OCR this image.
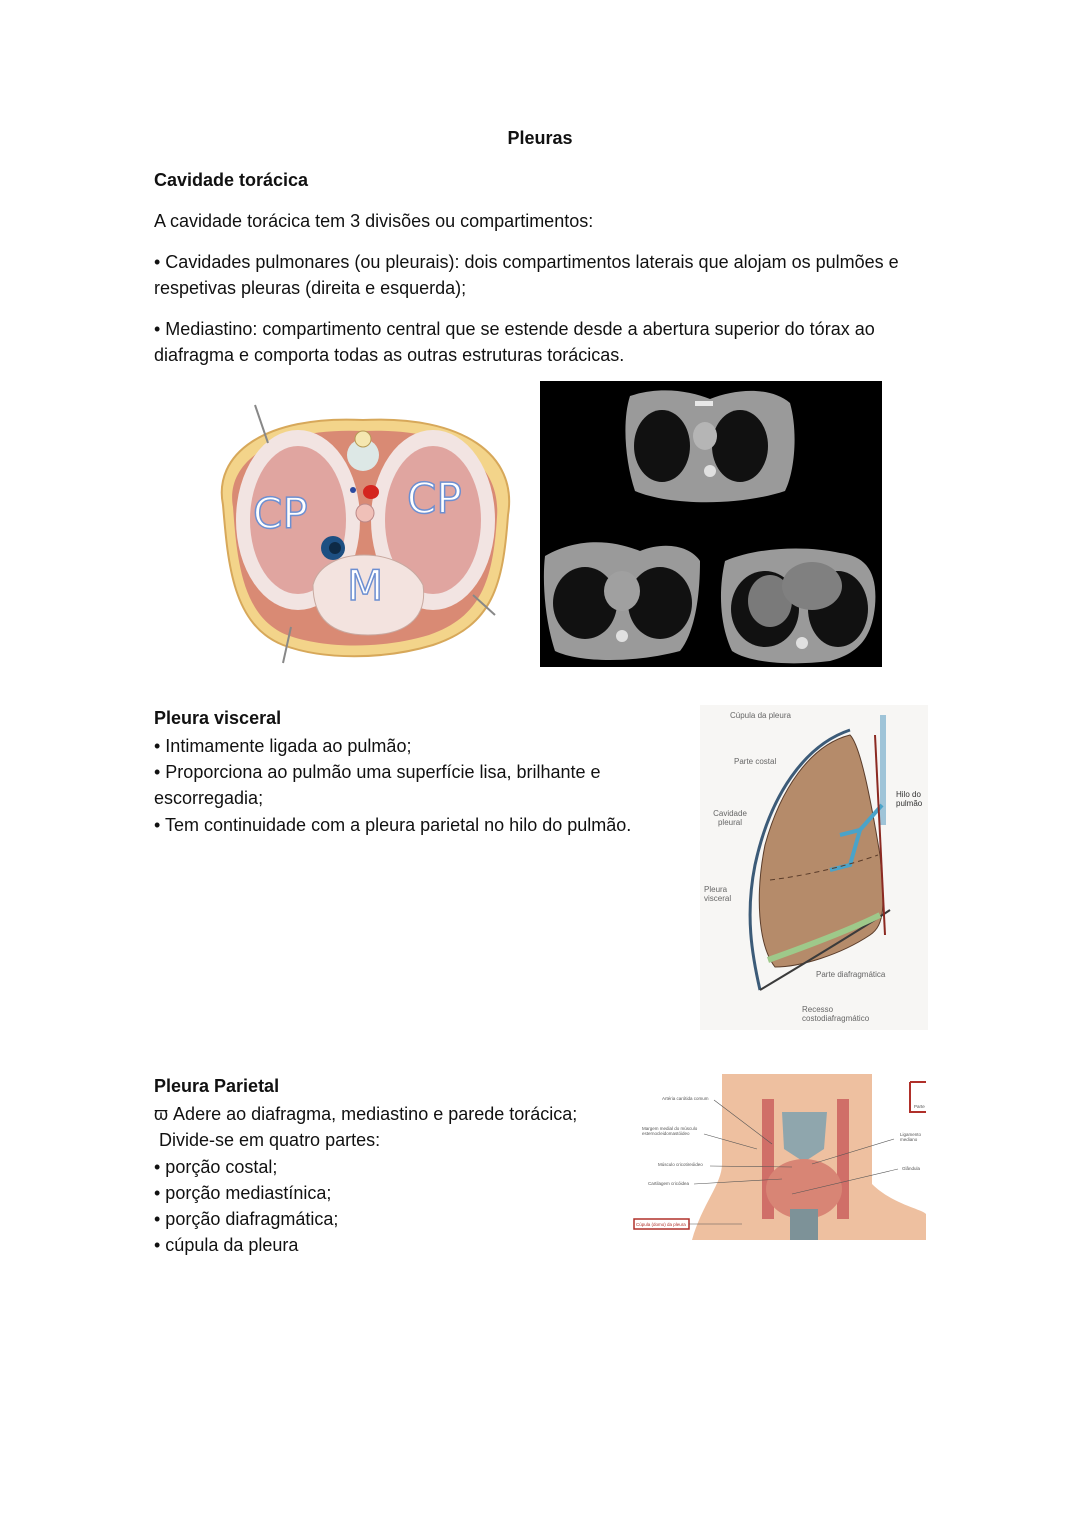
Pleuras
Cavidade torácica
A cavidade torácica tem 3 divisões ou compartimentos:
• Cavidades pulmonares (ou pleurais): dois compartimentos laterais que alojam os pulmões e respetivas pleuras (direita e esquerda);
• Mediastino: compartimento central que se estende desde a abertura superior do tórax ao diafragma e comporta todas as outras estruturas torácicas.
CP CP
M
Pleura visceral
• Intimamente ligada ao pulmão;
• Proporciona ao pulmão uma superfície lisa, brilhante e escorregadia;
• Tem continuidade com a pleura parietal no hilo do pulmão.
Cúpula da pleura
Parte costal
Cavidade pleural
Pleura visceral
Parte diafragmática
Recesso costodiafragmático
Hilo do pulmão
Pleura Parietal
ϖ Adere ao diafragma, mediastino e parede torácica;
Divide-se em quatro partes:
• porção costal;
• porção mediastínica;
• porção diafragmática;
• cúpula da pleura
Artéria carótida comum
Margem medial do músculo esternocleidomastóideo
Músculo cricotireóideo
Cartilagem cricóidea
Cúpula (domo) da pleura
Ligamento mediano
Glândula
Parte
